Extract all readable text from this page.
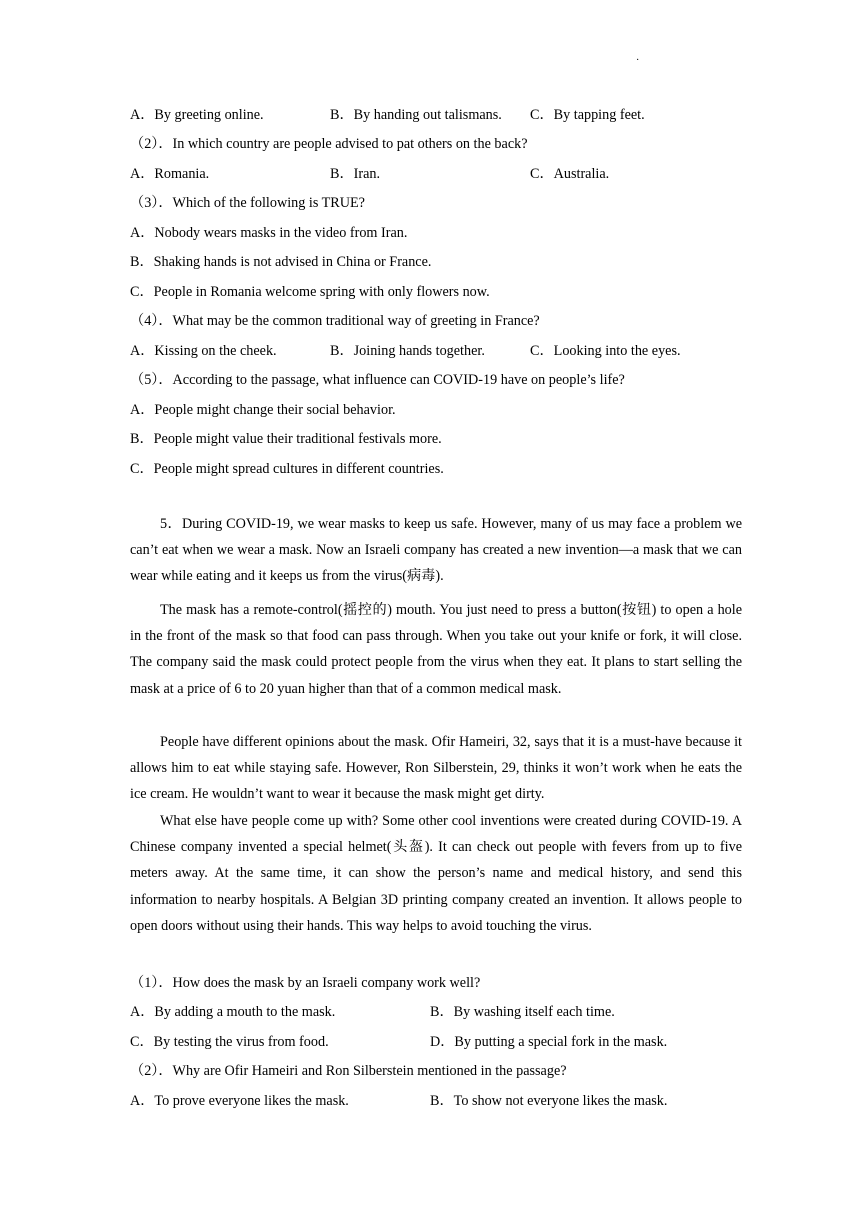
·
A．By greeting online.	B．By handing out talismans. C．By tapping feet.
（2）．In which country are people advised to pat others on the back?
A．Romania.	B．Iran.	C．Australia.
（3）．Which of the following is TRUE?
A．Nobody wears masks in the video from Iran.
B．Shaking hands is not advised in China or France.
C．People in Romania welcome spring with only flowers now.
（4）．What may be the common traditional way of greeting in France?
A．Kissing on the cheek.	B．Joining hands together.	C．Looking into the eyes.
（5）．According to the passage, what influence can COVID-19 have on people’s life?
A．People might change their social behavior.
B．People might value their traditional festivals more.
C．People might spread cultures in different countries.
5．During COVID-19, we wear masks to keep us safe. However, many of us may face a problem we can’t eat when we wear a mask. Now an Israeli company has created a new invention—a mask that we can wear while eating and it keeps us from the virus(病毒).
The mask has a remote-control(摇控的) mouth. You just need to press a button(按钮) to open a hole in the front of the mask so that food can pass through. When you take out your knife or fork, it will close. The company said the mask could protect people from the virus when they eat. It plans to start selling the mask at a price of 6 to 20 yuan higher than that of a common medical mask.
People have different opinions about the mask. Ofir Hameiri, 32, says that it is a must-have because it allows him to eat while staying safe. However, Ron Silberstein, 29, thinks it won’t work when he eats the ice cream. He wouldn’t want to wear it because the mask might get dirty.
What else have people come up with? Some other cool inventions were created during COVID-19. A Chinese company invented a special helmet(头盔). It can check out people with fevers from up to five meters away. At the same time, it can show the person’s name and medical history, and send this information to nearby hospitals. A Belgian 3D printing company created an invention. It allows people to open doors without using their hands. This way helps to avoid touching the virus.
（1）．How does the mask by an Israeli company work well?
A．By adding a mouth to the mask.	B．By washing itself each time.
C．By testing the virus from food.	D．By putting a special fork in the mask.
（2）．Why are Ofir Hameiri and Ron Silberstein mentioned in the passage?
A．To prove everyone likes the mask.	B．To show not everyone likes the mask.
